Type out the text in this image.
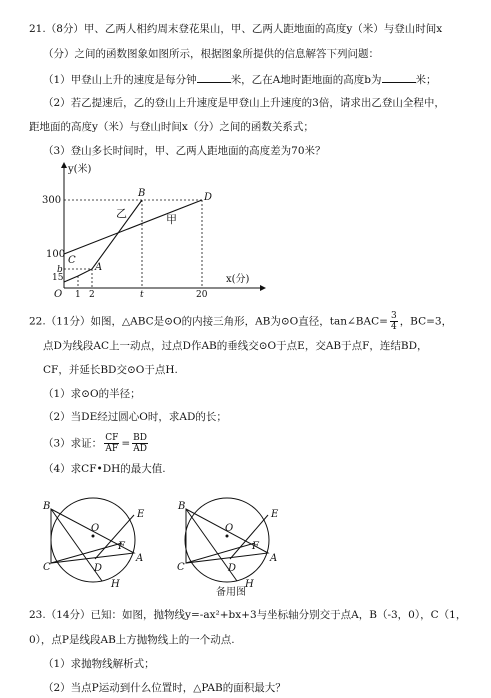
21.（8分）甲、乙两人相约周末登花果山，甲、乙两人距地面的高度y（米）与登山时间x
（分）之间的函数图象如图所示，根据图象所提供的信息解答下列问题：
（1）甲登山上升的速度是每分钟	米，乙在A地时距地面的高度b为	米；
（2）若乙提速后，乙的登山上升速度是甲登山上升速度的3倍，请求出乙登山全程中，
距地面的高度y（米）与登山时间x（分）之间的函数关系式；
（3）登山多长时间时，甲、乙两人距地面的高度差为70米？
300
100
15
b
O 1 2	t	20
y(米)
x(分)
A
B
C
D
乙	甲
22.（11分）如图，△ABC是⊙O的内接三角形，AB为⊙O直径，tan∠BAC= $\frac{3}{4}$ ，BC=3，
点D为线段AC上一动点，过点D作AB的垂线交⊙O于点E，交AB于点F，连结BD，
CF，并延长BD交⊙O于点H.
（1）求⊙O的半径；
（2）当DE经过圆心O时，求AD的长；
（3）求证： $\frac{CF}{AF} = \frac{BD}{AD}$
（4）求CF•DH的最大值.
B
E
O
F
C	D
A
H
B
E
O
F
C	D
A
H
备用图
23.（14分）已知：如图，抛物线y=-ax²+bx+3与坐标轴分别交于点A，B（-3，0），C（1，
0），点P是线段AB上方抛物线上的一个动点.
（1）求抛物线解析式；
（2）当点P运动到什么位置时，△PAB的面积最大？
